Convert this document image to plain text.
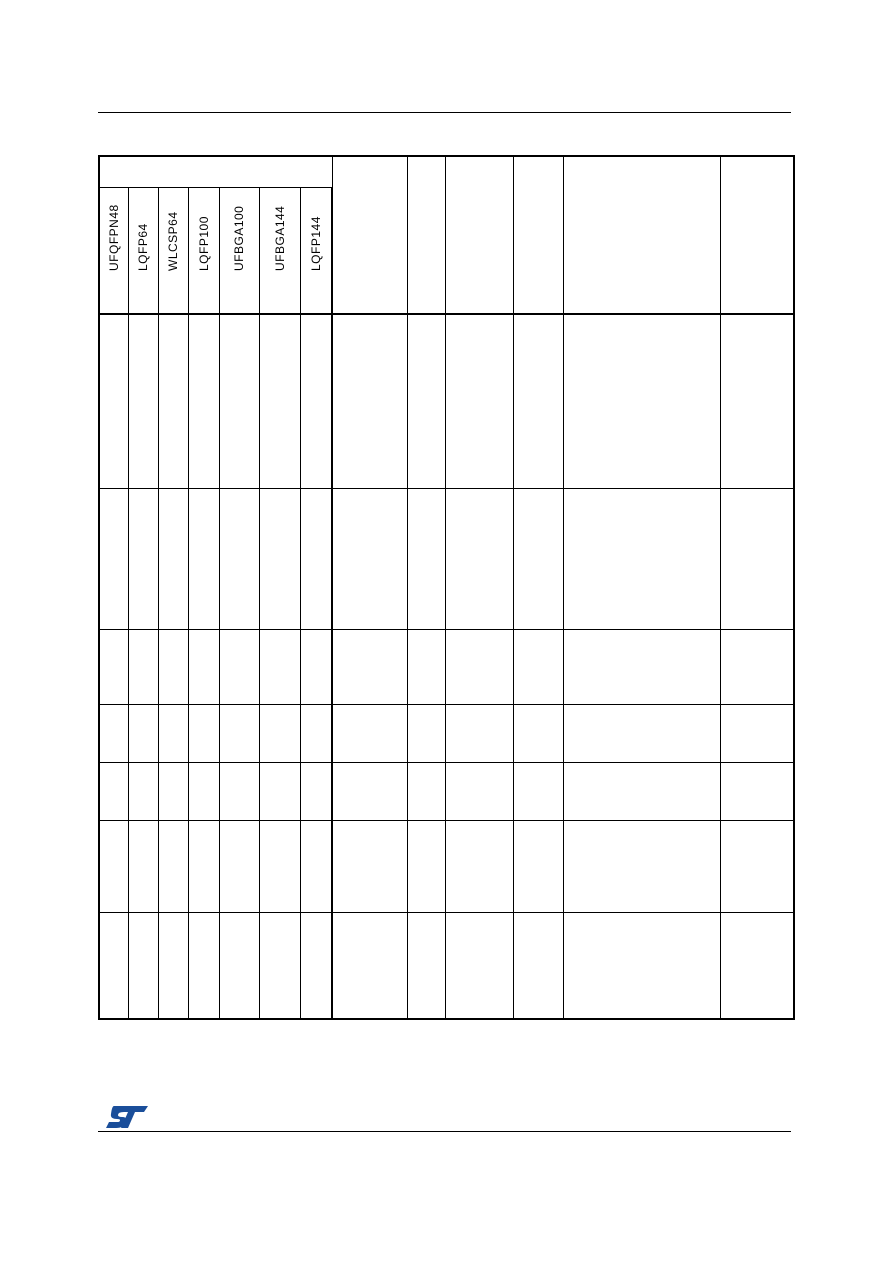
UFQFPN48	LQFP64	WLCSP64	LQFP100	UFBGA100	UFBGA144	LQFP144						
